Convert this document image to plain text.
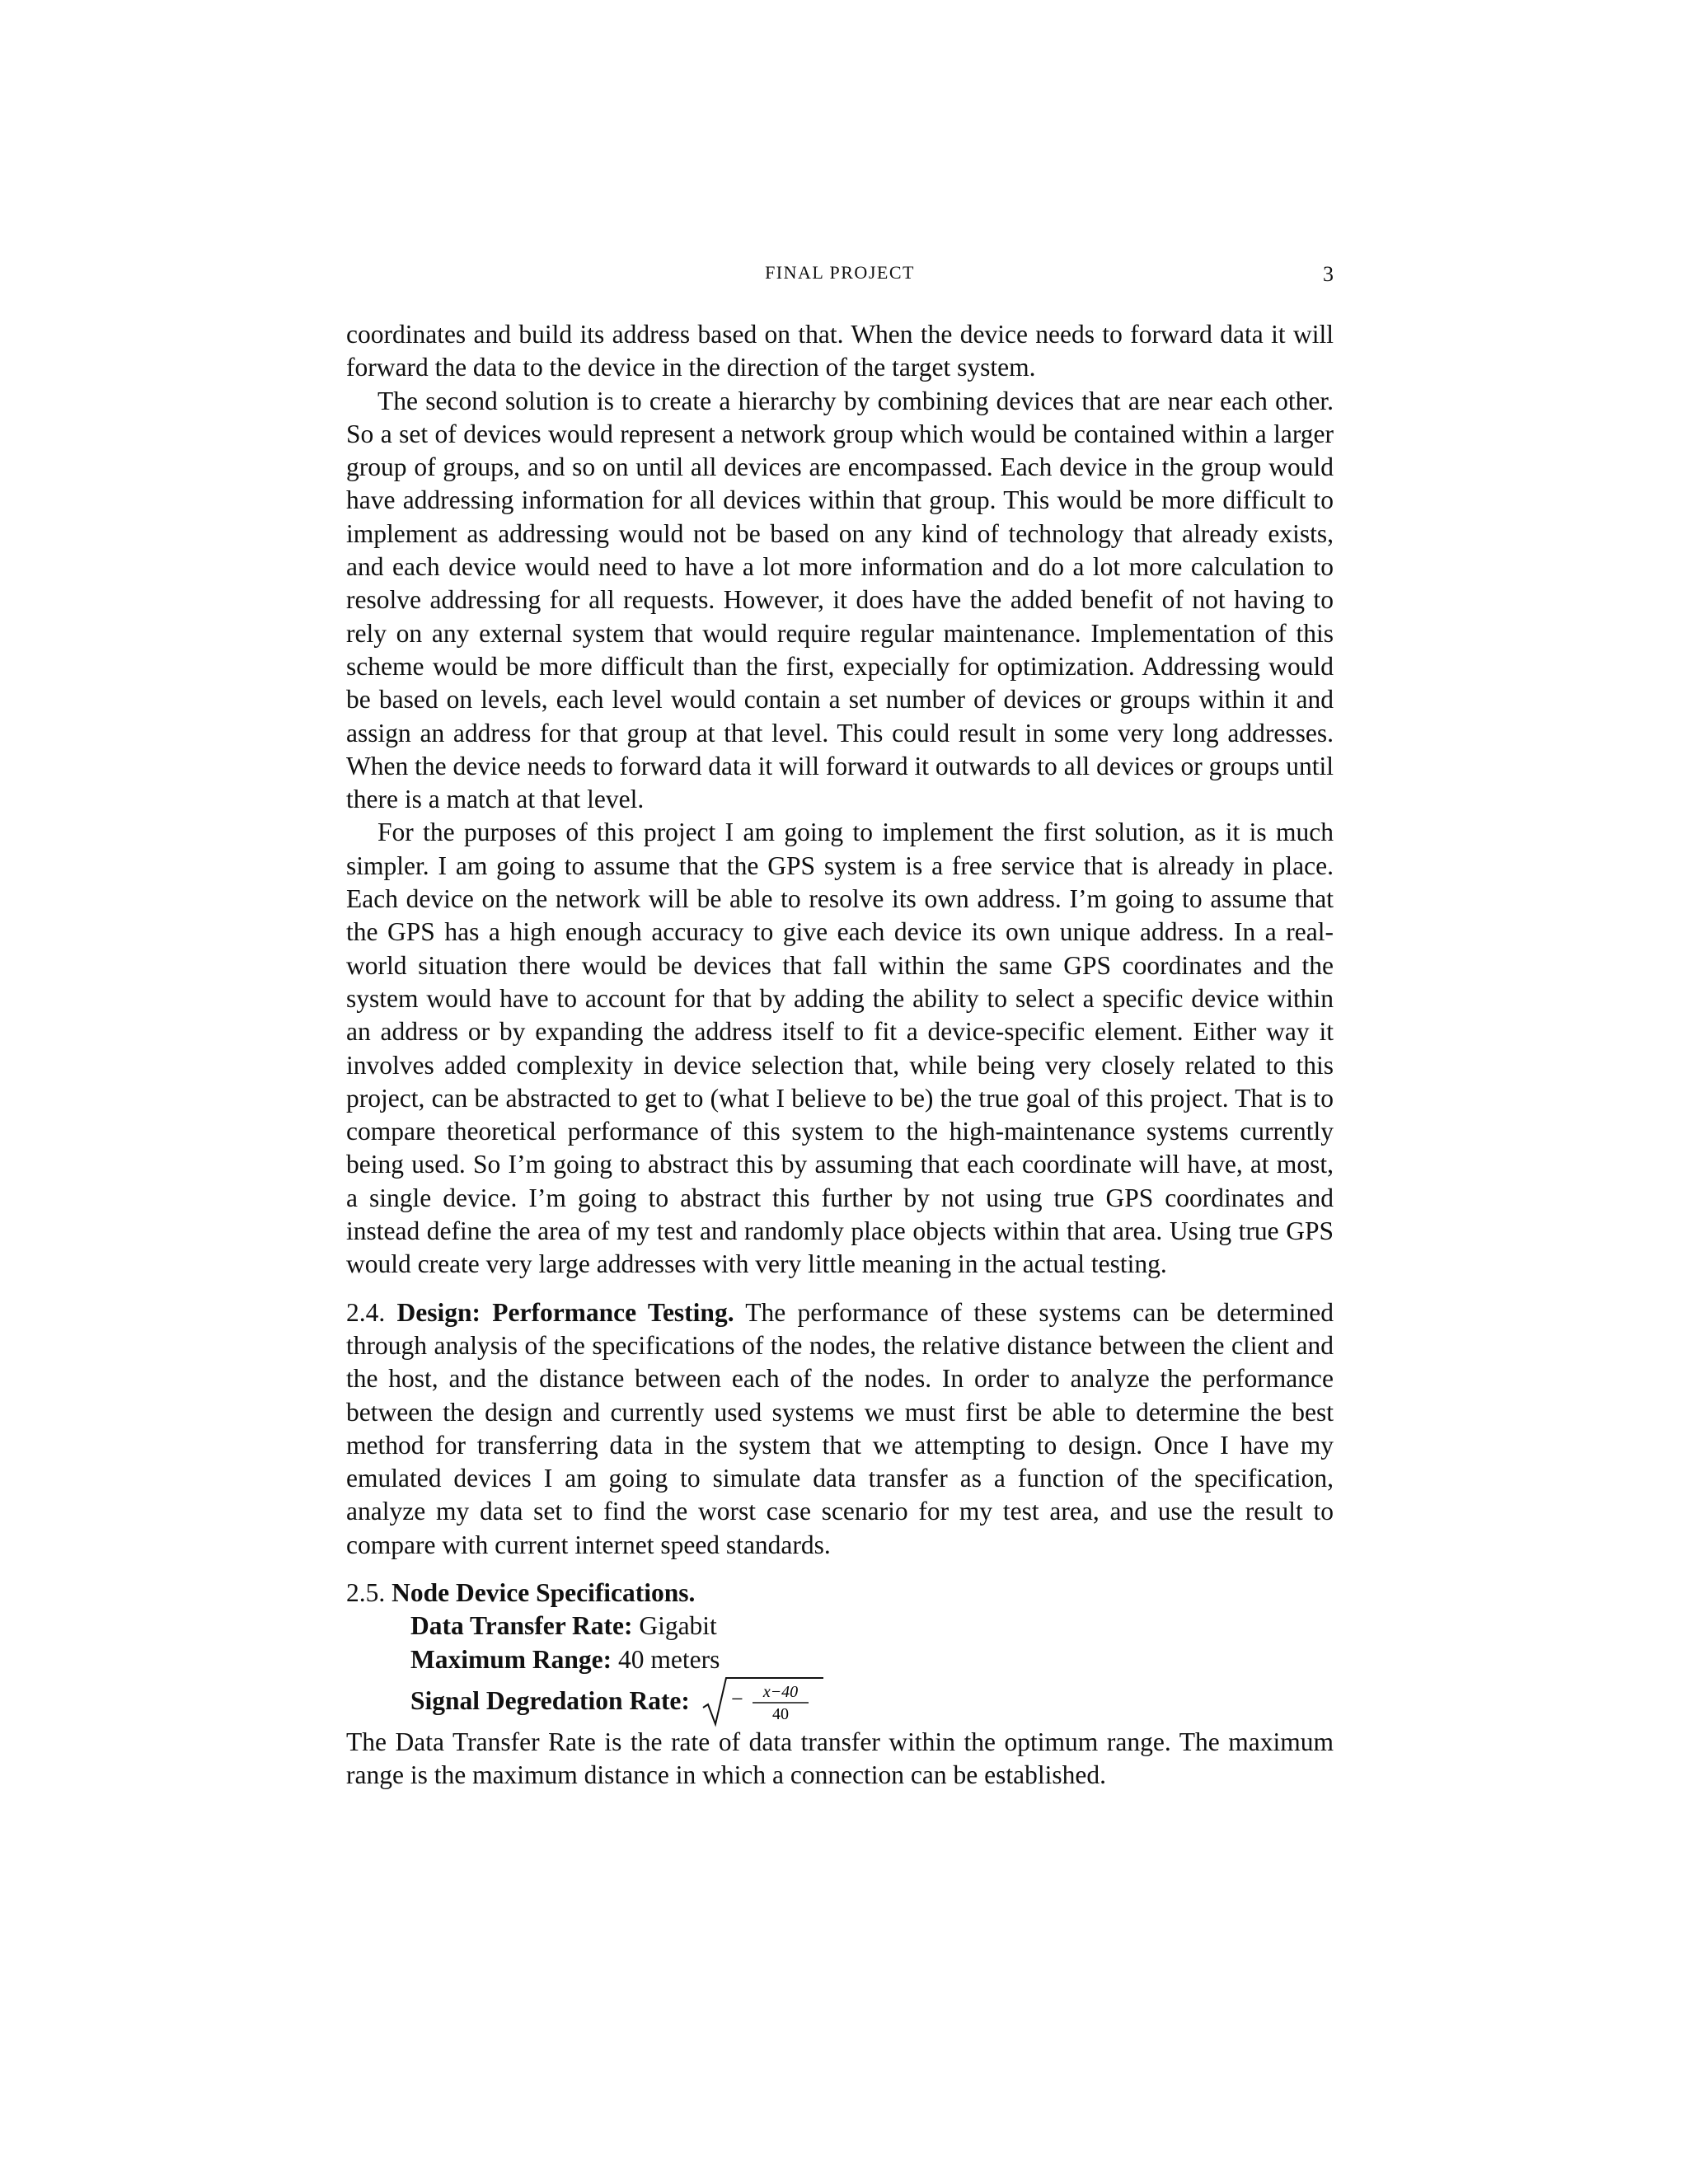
FINAL PROJECT	3

coordinates and build its address based on that. When the device needs to forward data it will forward the data to the device in the direction of the target system.

The second solution is to create a hierarchy by combining devices that are near each other. So a set of devices would represent a network group which would be contained within a larger group of groups, and so on until all devices are encompassed. Each device in the group would have addressing information for all devices within that group. This would be more difficult to implement as addressing would not be based on any kind of technology that already exists, and each device would need to have a lot more information and do a lot more calculation to resolve addressing for all requests. However, it does have the added benefit of not having to rely on any external system that would require regular maintenance. Implementation of this scheme would be more difficult than the first, expecially for optimization. Addressing would be based on levels, each level would contain a set number of devices or groups within it and assign an address for that group at that level. This could result in some very long addresses. When the device needs to forward data it will forward it outwards to all devices or groups until there is a match at that level.

For the purposes of this project I am going to implement the first solution, as it is much simpler. I am going to assume that the GPS system is a free service that is already in place. Each device on the network will be able to resolve its own address. I’m going to assume that the GPS has a high enough accuracy to give each device its own unique address. In a real-world situation there would be devices that fall within the same GPS coordinates and the system would have to account for that by adding the ability to select a specific device within an address or by expanding the address itself to fit a device-specific element. Either way it involves added complexity in device selection that, while being very closely related to this project, can be abstracted to get to (what I believe to be) the true goal of this project. That is to compare theoretical performance of this system to the high-maintenance systems currently being used. So I’m going to abstract this by assuming that each coordinate will have, at most, a single device. I’m going to abstract this further by not using true GPS coordinates and instead define the area of my test and randomly place objects within that area. Using true GPS would create very large addresses with very little meaning in the actual testing.

2.4. Design: Performance Testing. The performance of these systems can be determined through analysis of the specifications of the nodes, the relative distance between the client and the host, and the distance between each of the nodes. In order to analyze the performance between the design and currently used systems we must first be able to determine the best method for transferring data in the system that we attempting to design. Once I have my emulated devices I am going to simulate data transfer as a function of the specification, analyze my data set to find the worst case scenario for my test area, and use the result to compare with current internet speed standards.

2.5. Node Device Specifications.
Data Transfer Rate: Gigabit
Maximum Range: 40 meters
Signal Degredation Rate: − x−40
40

The Data Transfer Rate is the rate of data transfer within the optimum range. The maximum range is the maximum distance in which a connection can be established.
